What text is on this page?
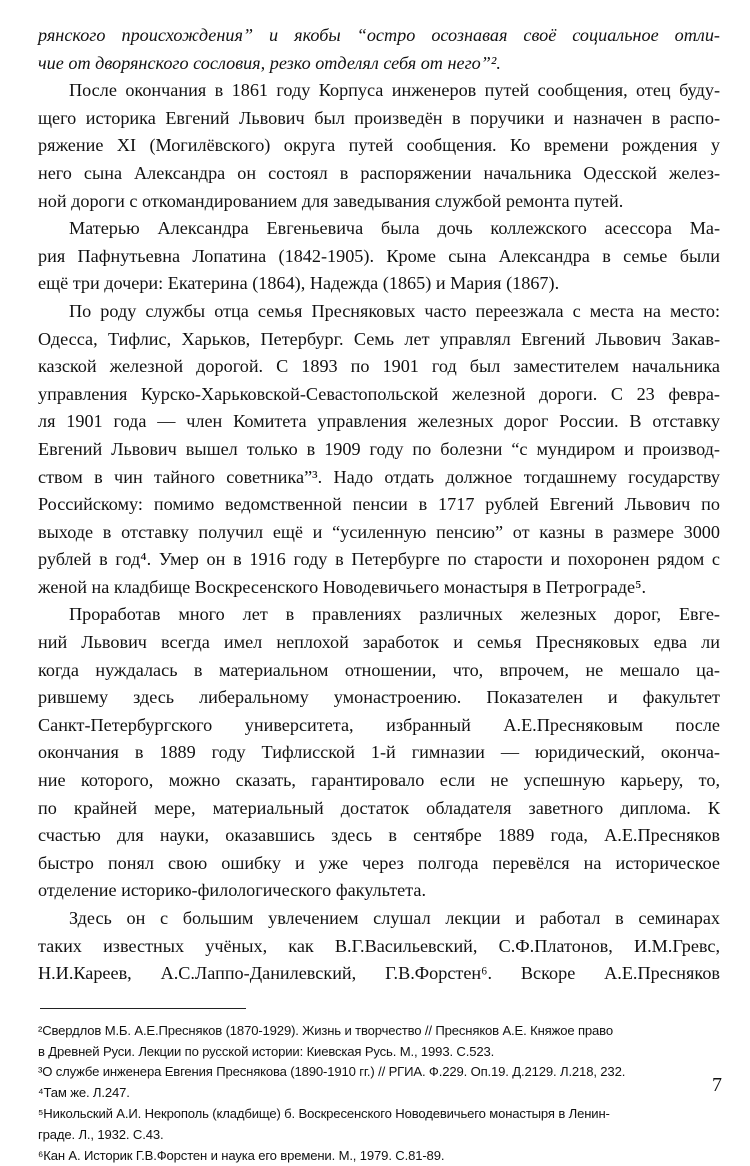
рянского происхождения” и якобы “остро осознавая своё социальное отли-
чие от дворянского сословия, резко отделял себя от него”².
После окончания в 1861 году Корпуса инженеров путей сообщения, отец буду-
щего историка Евгений Львович был произведён в поручики и назначен в распо-
ряжение XI (Могилёвского) округа путей сообщения. Ко времени рождения у
него сына Александра он состоял в распоряжении начальника Одесской желез-
ной дороги с откомандированием для заведывания службой ремонта путей.
Матерью Александра Евгеньевича была дочь коллежского асессора Ма-
рия Пафнутьевна Лопатина (1842-1905). Кроме сына Александра в семье были
ещё три дочери: Екатерина (1864), Надежда (1865) и Мария (1867).
По роду службы отца семья Пресняковых часто переезжала с места на место:
Одесса, Тифлис, Харьков, Петербург. Семь лет управлял Евгений Львович Закав-
казской железной дорогой. С 1893 по 1901 год был заместителем начальника
управления Курско-Харьковской-Севастопольской железной дороги. С 23 февра-
ля 1901 года — член Комитета управления железных дорог России. В отставку
Евгений Львович вышел только в 1909 году по болезни “с мундиром и производ-
ством в чин тайного советника”³. Надо отдать должное тогдашнему государству
Российскому: помимо ведомственной пенсии в 1717 рублей Евгений Львович по
выходе в отставку получил ещё и “усиленную пенсию” от казны в размере 3000
рублей в год⁴. Умер он в 1916 году в Петербурге по старости и похоронен рядом с
женой на кладбище Воскресенского Новодевичьего монастыря в Петрограде⁵.
Проработав много лет в правлениях различных железных дорог, Евге-
ний Львович всегда имел неплохой заработок и семья Пресняковых едва ли
когда нуждалась в материальном отношении, что, впрочем, не мешало ца-
рившему здесь либеральному умонастроению. Показателен и факультет
Санкт-Петербургского университета, избранный А.Е.Пресняковым после
окончания в 1889 году Тифлисской 1-й гимназии — юридический, оконча-
ние которого, можно сказать, гарантировало если не успешную карьеру, то,
по крайней мере, материальный достаток обладателя заветного диплома. К
счастью для науки, оказавшись здесь в сентябре 1889 года, А.Е.Пресняков
быстро понял свою ошибку и уже через полгода перевёлся на историческое
отделение историко-филологического факультета.
Здесь он с большим увлечением слушал лекции и работал в семинарах
таких известных учёных, как В.Г.Васильевский, С.Ф.Платонов, И.М.Гревс,
Н.И.Кареев, А.С.Лаппо-Данилевский, Г.В.Форстен⁶. Вскоре А.Е.Пресняков
²Свердлов М.Б. А.Е.Пресняков (1870-1929). Жизнь и творчество // Пресняков А.Е. Княжое право
в Древней Руси. Лекции по русской истории: Киевская Русь. М., 1993. С.523.
³О службе инженера Евгения Преснякова (1890-1910 гг.) // РГИА. Ф.229. Оп.19. Д.2129. Л.218, 232.
⁴Там же. Л.247.
⁵Никольский А.И. Некрополь (кладбище) б. Воскресенского Новодевичьего монастыря в Ленин-
граде. Л., 1932. С.43.
⁶Кан А. Историк Г.В.Форстен и наука его времени. М., 1979. С.81-89.
7
